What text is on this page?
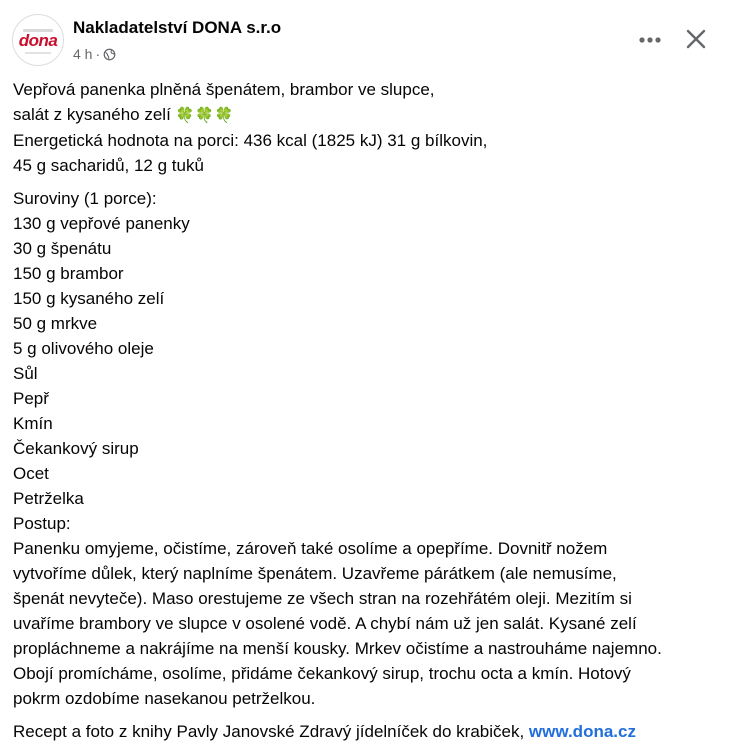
dona
Nakladatelství DONA s.r.o
4 h ·
Vepřová panenka plněná špenátem, brambor ve slupce,
salát z kysaného zelí 🍀🍀🍀
Energetická hodnota na porci: 436 kcal (1825 kJ) 31 g bílkovin,
45 g sacharidů, 12 g tuků
Suroviny (1 porce):
130 g vepřové panenky
30 g špenátu
150 g brambor
150 g kysaného zelí
50 g mrkve
5 g olivového oleje
Sůl
Pepř
Kmín
Čekankový sirup
Ocet
Petrželka
Postup:
Panenku omyjeme, očistíme, zároveň také osolíme a opepříme. Dovnitř nožem
vytvoříme důlek, který naplníme špenátem. Uzavřeme párátkem (ale nemusíme,
špenát nevyteče). Maso orestujeme ze všech stran na rozehřátém oleji. Mezitím si
uvaříme brambory ve slupce v osolené vodě. A chybí nám už jen salát. Kysané zelí
propláchneme a nakrájíme na menší kousky. Mrkev očistíme a nastrouháme najemno.
Obojí promícháme, osolíme, přidáme čekankový sirup, trochu octa a kmín. Hotový
pokrm ozdobíme nasekanou petrželkou.
Recept a foto z knihy Pavly Janovské Zdravý jídelníček do krabiček, www.dona.cz
